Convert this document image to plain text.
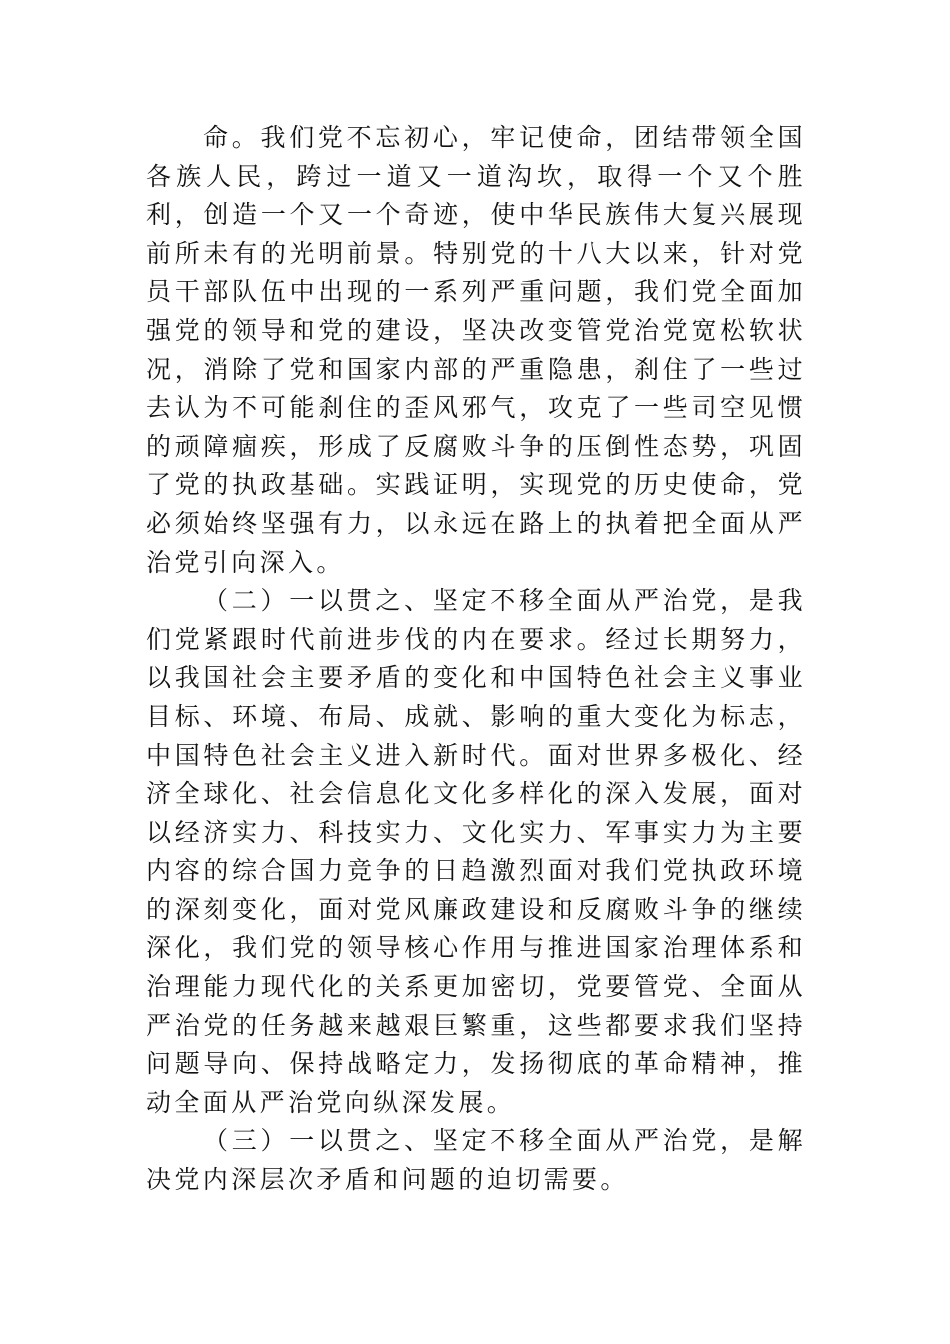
命。我们党不忘初心，牢记使命，团结带领全国各族人民，跨过一道又一道沟坎，取得一个又个胜利，创造一个又一个奇迹，使中华民族伟大复兴展现前所未有的光明前景。特别党的十八大以来，针对党员干部队伍中出现的一系列严重问题，我们党全面加强党的领导和党的建设，坚决改变管党治党宽松软状况，消除了党和国家内部的严重隐患，刹住了一些过去认为不可能刹住的歪风邪气，攻克了一些司空见惯的顽障痼疾，形成了反腐败斗争的压倒性态势，巩固了党的执政基础。实践证明，实现党的历史使命，党必须始终坚强有力，以永远在路上的执着把全面从严治党引向深入。

（二）一以贯之、坚定不移全面从严治党，是我们党紧跟时代前进步伐的内在要求。经过长期努力，以我国社会主要矛盾的变化和中国特色社会主义事业目标、环境、布局、成就、影响的重大变化为标志，中国特色社会主义进入新时代。面对世界多极化、经济全球化、社会信息化文化多样化的深入发展，面对以经济实力、科技实力、文化实力、军事实力为主要内容的综合国力竞争的日趋激烈面对我们党执政环境的深刻变化，面对党风廉政建设和反腐败斗争的继续深化，我们党的领导核心作用与推进国家治理体系和治理能力现代化的关系更加密切，党要管党、全面从严治党的任务越来越艰巨繁重，这些都要求我们坚持问题导向、保持战略定力，发扬彻底的革命精神，推动全面从严治党向纵深发展。

（三）一以贯之、坚定不移全面从严治党，是解决党内深层次矛盾和问题的迫切需要。
